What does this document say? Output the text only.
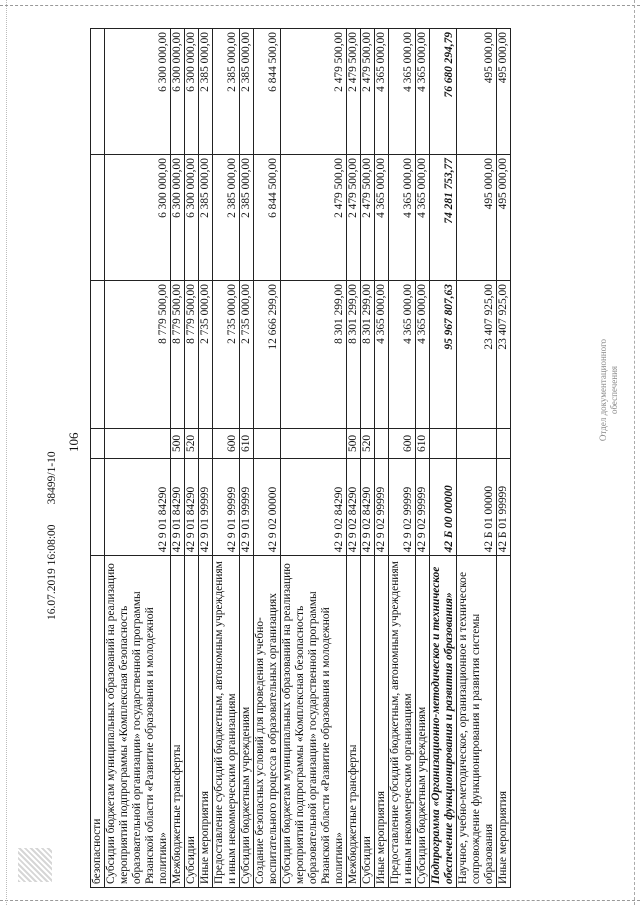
106
безопасности					
Субсидии бюджетам муниципальных образований на реализацию мероприятий подпрограммы «Комплексная безопасность образовательной организации» государственной программы Рязанской области «Развитие образования и молодежной политики»	42 9 01 84290		8 779 500,00	6 300 000,00	6 300 000,00
Межбюджетные трансферты	42 9 01 84290	500	8 779 500,00	6 300 000,00	6 300 000,00
Субсидии	42 9 01 84290	520	8 779 500,00	6 300 000,00	6 300 000,00
Иные мероприятия	42 9 01 99999		2 735 000,00	2 385 000,00	2 385 000,00
Предоставление субсидий бюджетным, автономным учреждениям и иным некоммерческим организациям	42 9 01 99999	600	2 735 000,00	2 385 000,00	2 385 000,00
Субсидии бюджетным учреждениям	42 9 01 99999	610	2 735 000,00	2 385 000,00	2 385 000,00
Создание безопасных условий для проведения учебно-воспитательного процесса в образовательных организациях	42 9 02 00000		12 666 299,00	6 844 500,00	6 844 500,00
Субсидии бюджетам муниципальных образований на реализацию мероприятий подпрограммы «Комплексная безопасность образовательной организации» государственной программы Рязанской области «Развитие образования и молодежной политики»	42 9 02 84290		8 301 299,00	2 479 500,00	2 479 500,00
Межбюджетные трансферты	42 9 02 84290	500	8 301 299,00	2 479 500,00	2 479 500,00
Субсидии	42 9 02 84290	520	8 301 299,00	2 479 500,00	2 479 500,00
Иные мероприятия	42 9 02 99999		4 365 000,00	4 365 000,00	4 365 000,00
Предоставление субсидий бюджетным, автономным учреждениям и иным некоммерческим организациям	42 9 02 99999	600	4 365 000,00	4 365 000,00	4 365 000,00
Субсидии бюджетным учреждениям	42 9 02 99999	610	4 365 000,00	4 365 000,00	4 365 000,00
Подпрограмма «Организационно-методическое и техническое обеспечение функционирования и развития образования»	42 Б 00 00000		95 967 807,63	74 281 753,77	76 680 294,79
Научное, учебно-методическое, организационное и техническое сопровождение функционирования и развития системы образования	42 Б 01 00000		23 407 925,00	495 000,00	495 000,00
Иные мероприятия	42 Б 01 99999		23 407 925,00	495 000,00	495 000,00
16.07.2019 16:08:00       38499/1-10
Отдел документационного обеспечения
